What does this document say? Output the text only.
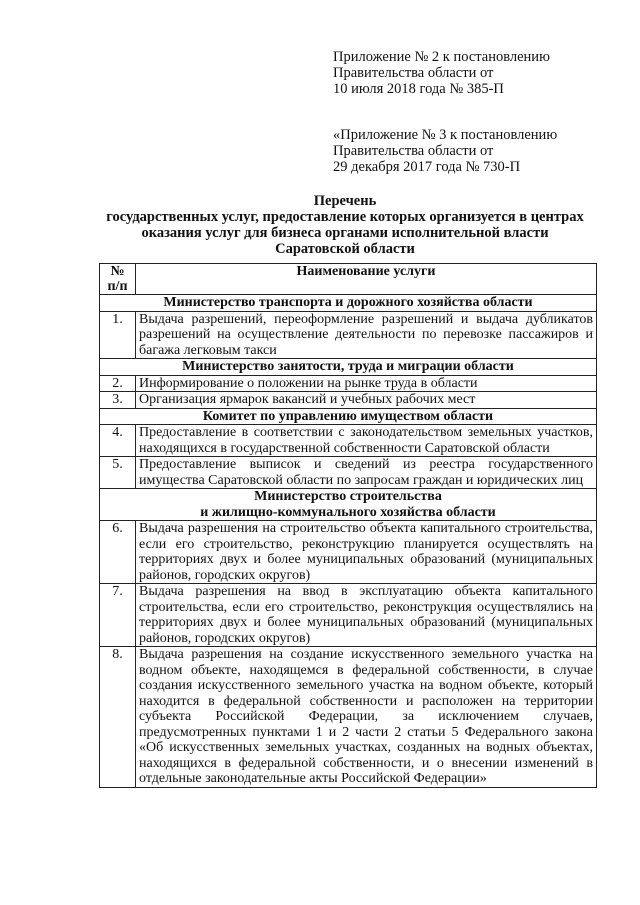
Приложение № 2 к постановлению
Правительства области от
10 июля 2018 года № 385-П
«Приложение № 3 к постановлению
Правительства области от
29 декабря 2017 года № 730-П
Перечень
государственных услуг, предоставление которых организуется в центрах
оказания услуг для бизнеса органами исполнительной власти
Саратовской области
№
п/п	Наименование услуги
Министерство транспорта и дорожного хозяйства области	
1.	Выдача разрешений, переоформление разрешений и выдача дубликатов разрешений на осуществление деятельности по перевозке пассажиров и багажа легковым такси
Министерство занятости, труда и миграции области	
2.	Информирование о положении на рынке труда в области
3.	Организация ярмарок вакансий и учебных рабочих мест
Комитет по управлению имуществом области	
4.	Предоставление в соответствии с законодательством земельных участков, находящихся в государственной собственности Саратовской области
5.	Предоставление выписок и сведений из реестра государственного имущества Саратовской области по запросам граждан и юридических лиц

Министерство строительства
и жилищно-коммунального хозяйства области	

6.	Выдача разрешения на строительство объекта капитального строительства, если его строительство, реконструкцию планируется осуществлять на территориях двух и более муниципальных образований (муниципальных районов, городских округов)
7.	Выдача разрешения на ввод в эксплуатацию объекта капитального строительства, если его строительство, реконструкция осуществлялись на территориях двух и более муниципальных образований (муниципальных районов, городских округов)
8.	Выдача разрешения на создание искусственного земельного участка на водном объекте, находящемся в федеральной собственности, в случае создания искусственного земельного участка на водном объекте, который находится в федеральной собственности и расположен на территории субъекта Российской Федерации, за исключением случаев, предусмотренных пунктами 1 и 2 части 2 статьи 5 Федерального закона «Об искусственных земельных участках, созданных на водных объектах, находящихся в федеральной собственности, и о внесении изменений в отдельные законодательные акты Российской Федерации»
